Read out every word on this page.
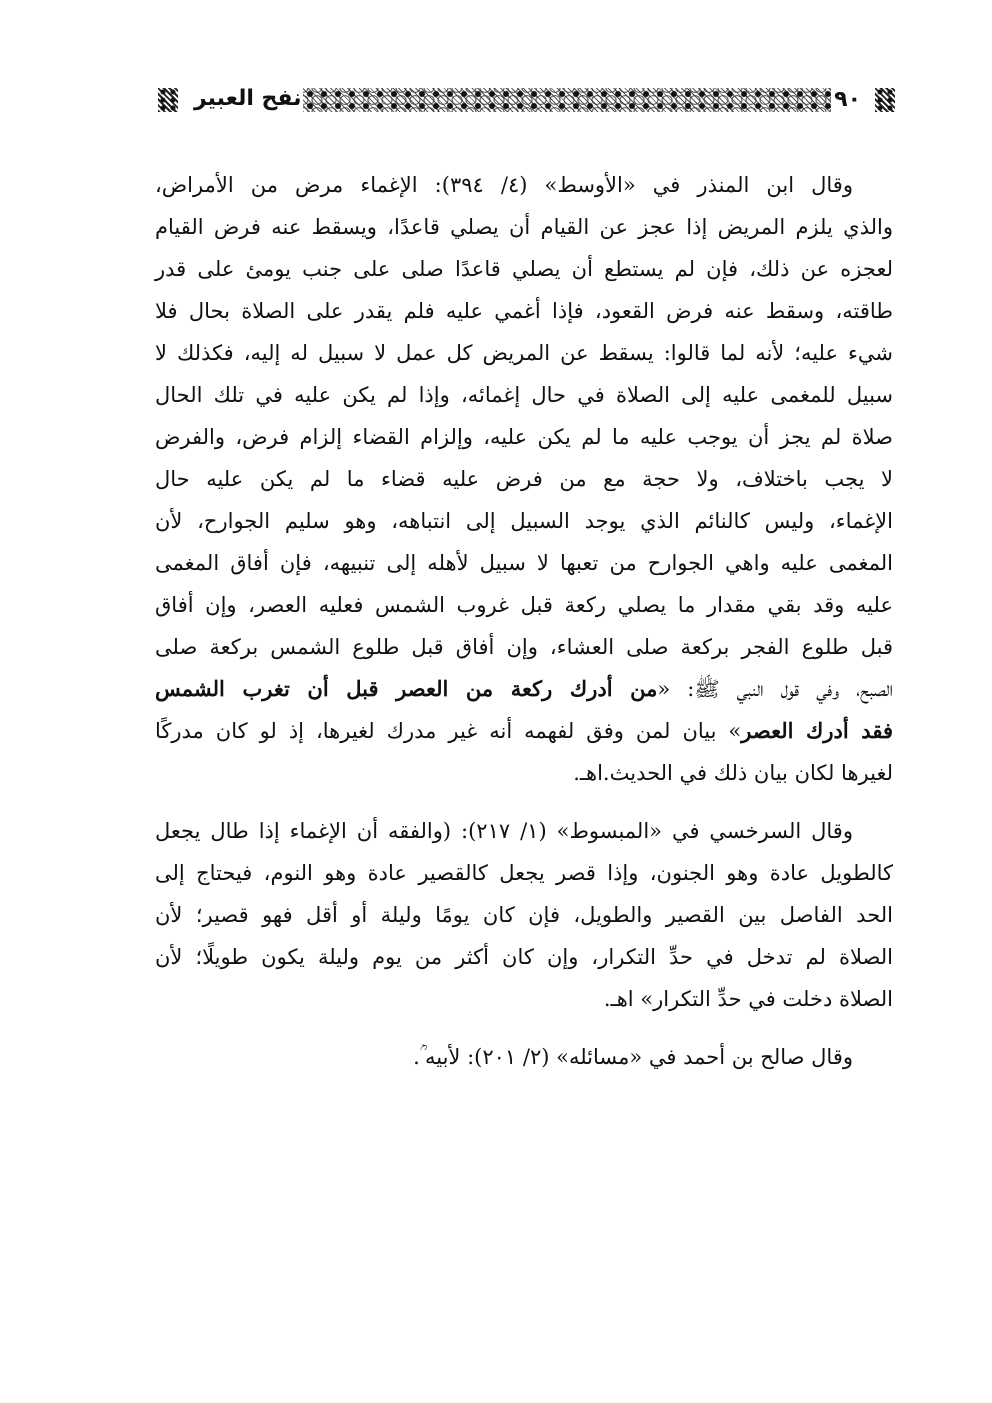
نفح العبير	٩٠
وقال ابن المنذر في «الأوسط» (٤/ ٣٩٤): الإغماء مرض من الأمراض،
والذي يلزم المريض إذا عجز عن القيام أن يصلي قاعدًا، ويسقط عنه فرض القيام
لعجزه عن ذلك، فإن لم يستطع أن يصلي قاعدًا صلى على جنب يومئ على قدر
طاقته، وسقط عنه فرض القعود، فإذا أغمي عليه فلم يقدر على الصلاة بحال فلا
شيء عليه؛ لأنه لما قالوا: يسقط عن المريض كل عمل لا سبيل له إليه، فكذلك لا
سبيل للمغمى عليه إلى الصلاة في حال إغمائه، وإذا لم يكن عليه في تلك الحال
صلاة لم يجز أن يوجب عليه ما لم يكن عليه، وإلزام القضاء إلزام فرض، والفرض
لا يجب باختلاف، ولا حجة مع من فرض عليه قضاء ما لم يكن عليه حال
الإغماء، وليس كالنائم الذي يوجد السبيل إلى انتباهه، وهو سليم الجوارح، لأن
المغمى عليه واهي الجوارح من تعبها لا سبيل لأهله إلى تنبيهه، فإن أفاق المغمى
عليه وقد بقي مقدار ما يصلي ركعة قبل غروب الشمس فعليه العصر، وإن أفاق
قبل طلوع الفجر بركعة صلى العشاء، وإن أفاق قبل طلوع الشمس بركعة صلى
الصبح، وفي قول النبي ﷺ: «من أدرك ركعة من العصر قبل أن تغرب الشمس
فقد أدرك العصر» بيان لمن وفق لفهمه أنه غير مدرك لغيرها، إذ لو كان مدركًا
لغيرها لكان بيان ذلك في الحديث.اهـ.
وقال السرخسي في «المبسوط» (١/ ٢١٧): (والفقه أن الإغماء إذا طال يجعل
كالطويل عادة وهو الجنون، وإذا قصر يجعل كالقصير عادة وهو النوم، فيحتاج إلى
الحد الفاصل بين القصير والطويل، فإن كان يومًا وليلة أو أقل فهو قصير؛ لأن
الصلاة لم تدخل في حدِّ التكرار، وإن كان أكثر من يوم وليلة يكون طويلًا؛ لأن
الصلاة دخلت في حدِّ التكرار» اهـ.
وقال صالح بن أحمد في «مسائله» (٢/ ٢٠١): لأبيه ؒ.
